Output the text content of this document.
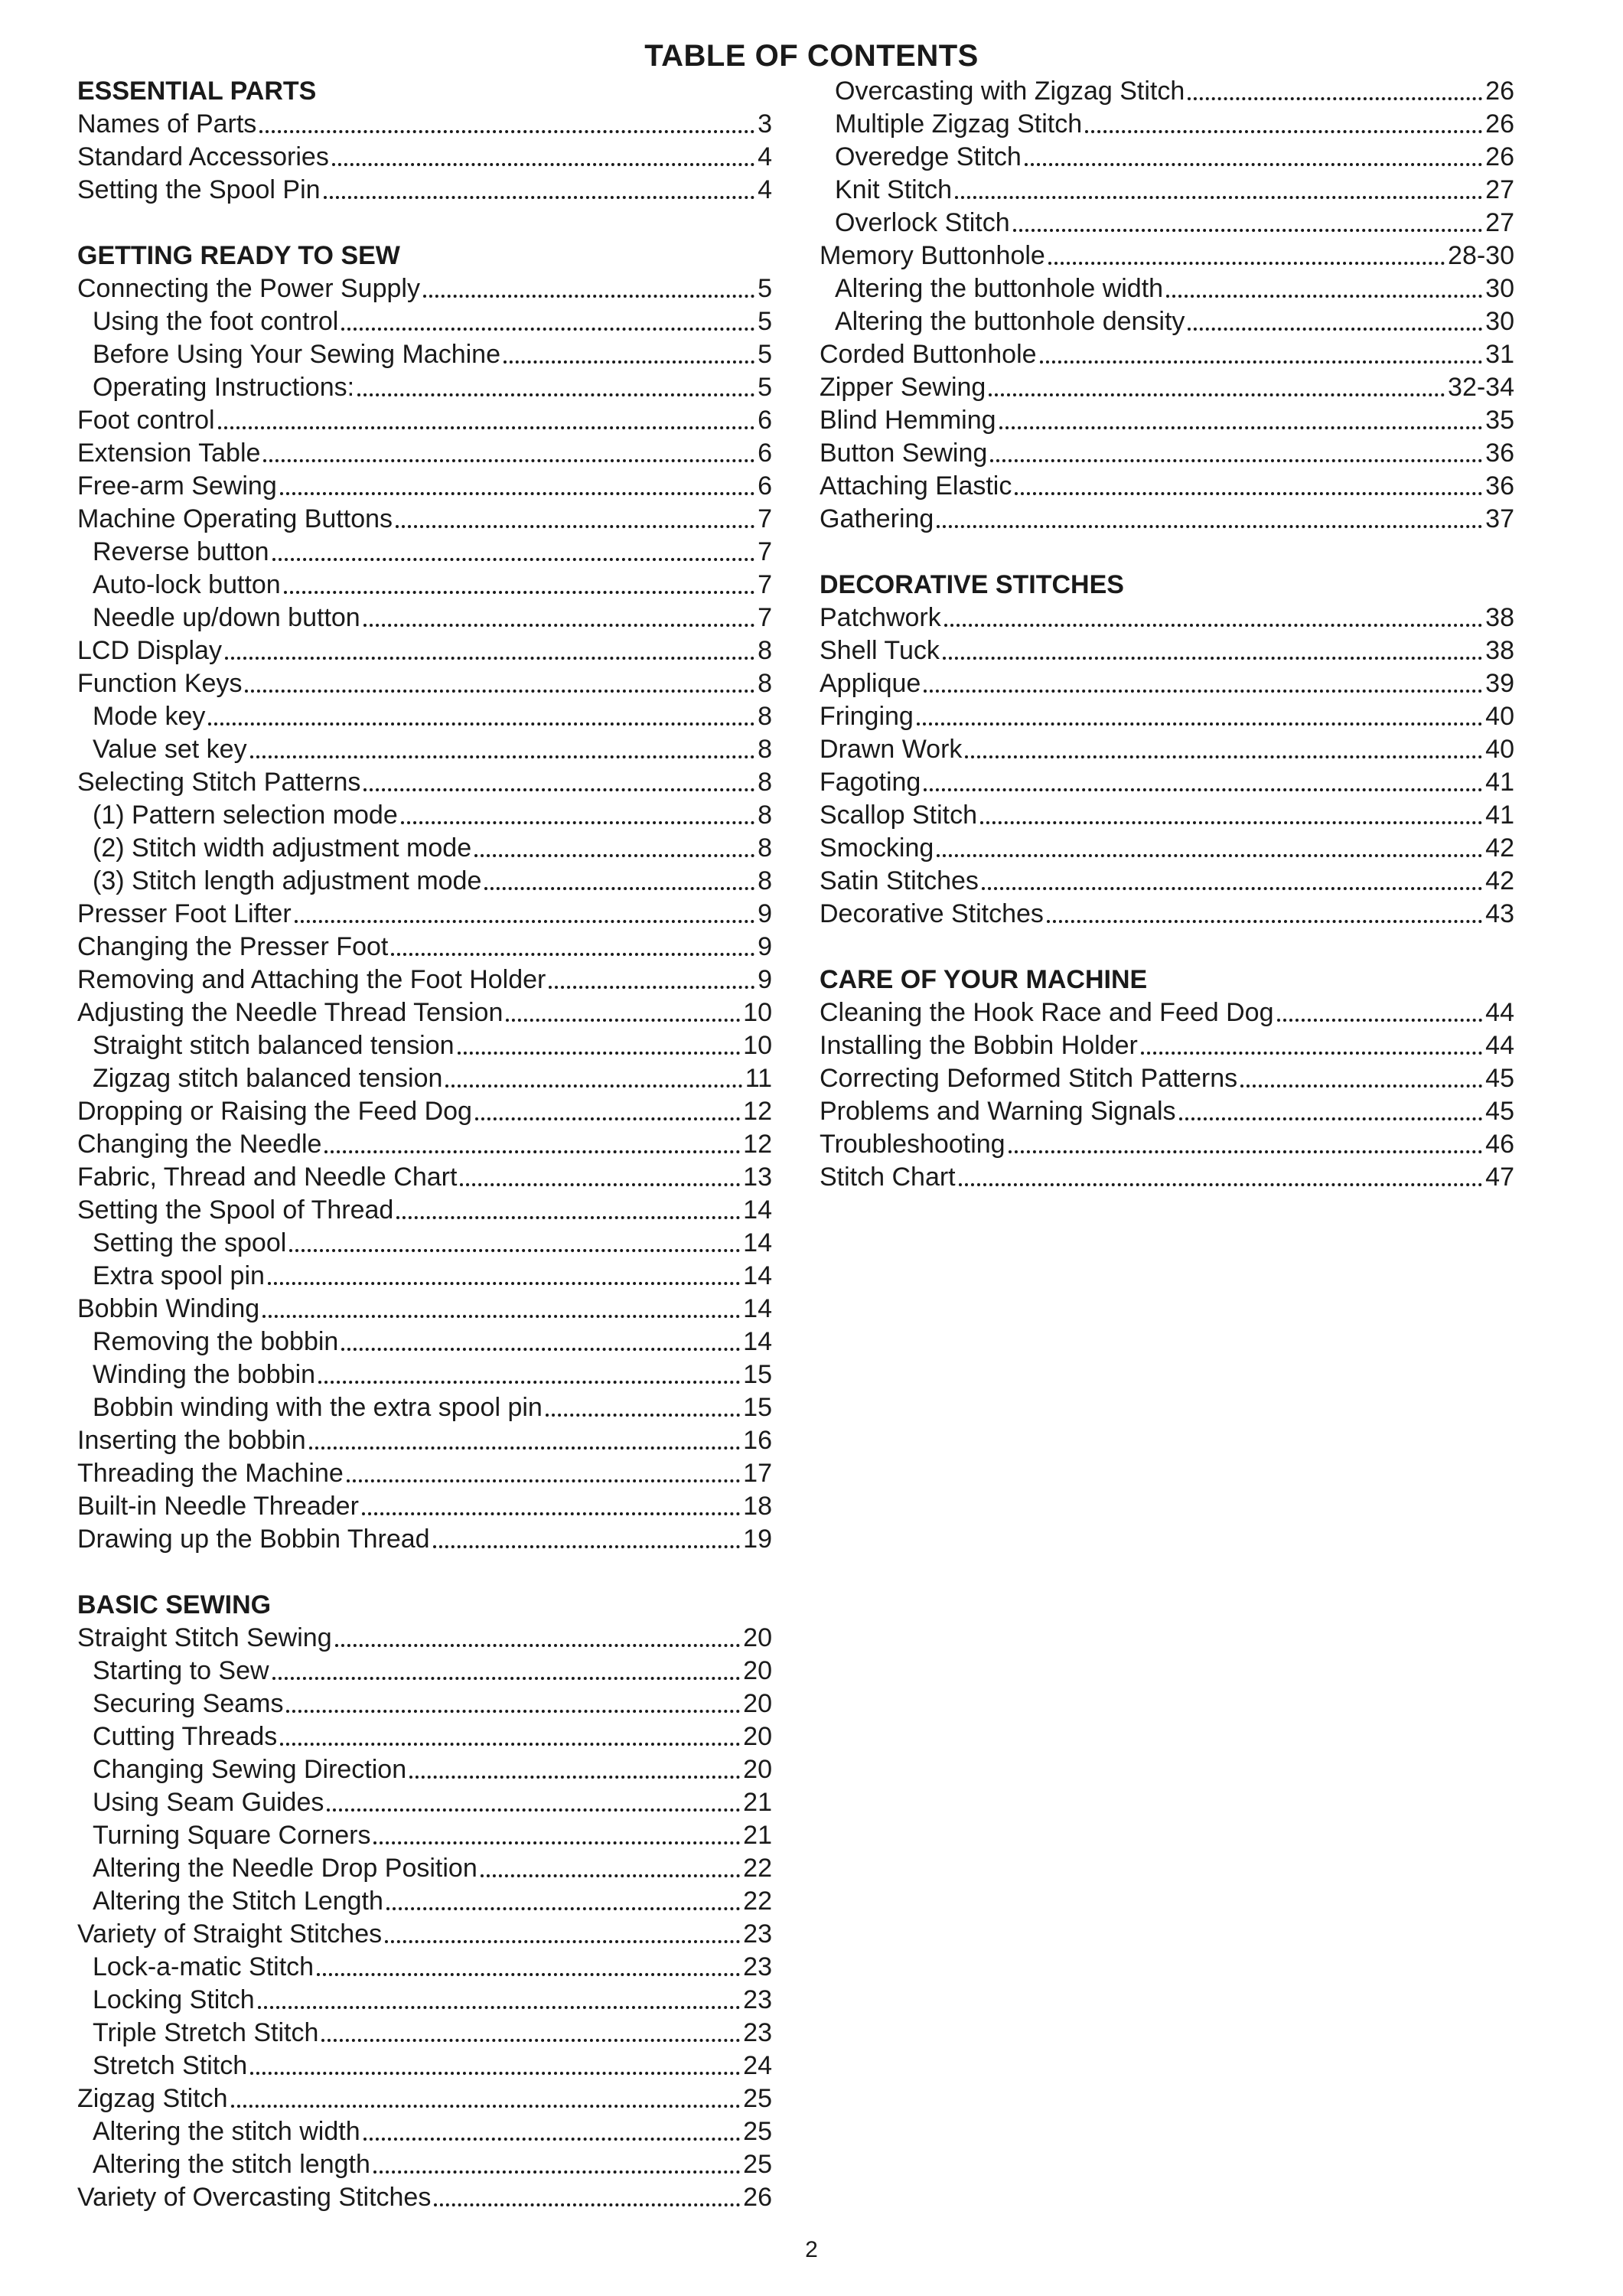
TABLE OF CONTENTS
ESSENTIAL PARTS
Names of Parts	3
Standard Accessories	4
Setting the Spool Pin	4
GETTING READY TO SEW
Connecting the Power Supply	5
Using the foot control	5
Before Using Your Sewing Machine	5
Operating Instructions:	5
Foot control	6
Extension Table	6
Free-arm Sewing	6
Machine Operating Buttons	7
Reverse button	7
Auto-lock button	7
Needle up/down button	7
LCD Display	8
Function Keys	8
Mode key	8
Value set key	8
Selecting Stitch Patterns	8
(1) Pattern selection mode	8
(2) Stitch width adjustment mode	8
(3) Stitch length adjustment mode	8
Presser Foot Lifter	9
Changing the Presser Foot	9
Removing and Attaching the Foot Holder	9
Adjusting the Needle Thread Tension	10
Straight stitch balanced tension	10
Zigzag stitch balanced tension	11
Dropping or Raising the Feed Dog	12
Changing the Needle	12
Fabric, Thread and Needle Chart	13
Setting the Spool of Thread	14
Setting the spool	14
Extra spool pin	14
Bobbin Winding	14
Removing the bobbin	14
Winding the bobbin	15
Bobbin winding with the extra spool pin	15
Inserting the bobbin	16
Threading the Machine	17
Built-in Needle Threader	18
Drawing up the Bobbin Thread	19
BASIC SEWING
Straight Stitch Sewing	20
Starting to Sew	20
Securing Seams	20
Cutting Threads	20
Changing Sewing Direction	20
Using Seam Guides	21
Turning Square Corners	21
Altering the Needle Drop Position	22
Altering the Stitch Length	22
Variety of Straight Stitches	23
Lock-a-matic Stitch	23
Locking Stitch	23
Triple Stretch Stitch	23
Stretch Stitch	24
Zigzag Stitch	25
Altering the stitch width	25
Altering the stitch length	25
Variety of Overcasting Stitches	26
Overcasting with Zigzag Stitch	26
Multiple Zigzag Stitch	26
Overedge Stitch	26
Knit Stitch	27
Overlock Stitch	27
Memory Buttonhole	28-30
Altering the buttonhole width	30
Altering the buttonhole density	30
Corded Buttonhole	31
Zipper Sewing	32-34
Blind Hemming	35
Button Sewing	36
Attaching Elastic	36
Gathering	37
DECORATIVE STITCHES
Patchwork	38
Shell Tuck	38
Applique	39
Fringing	40
Drawn Work	40
Fagoting	41
Scallop Stitch	41
Smocking	42
Satin Stitches	42
Decorative Stitches	43
CARE OF YOUR MACHINE
Cleaning the Hook Race and Feed Dog	44
Installing the Bobbin Holder	44
Correcting Deformed Stitch Patterns	45
Problems and Warning Signals	45
Troubleshooting	46
Stitch Chart	47
2
